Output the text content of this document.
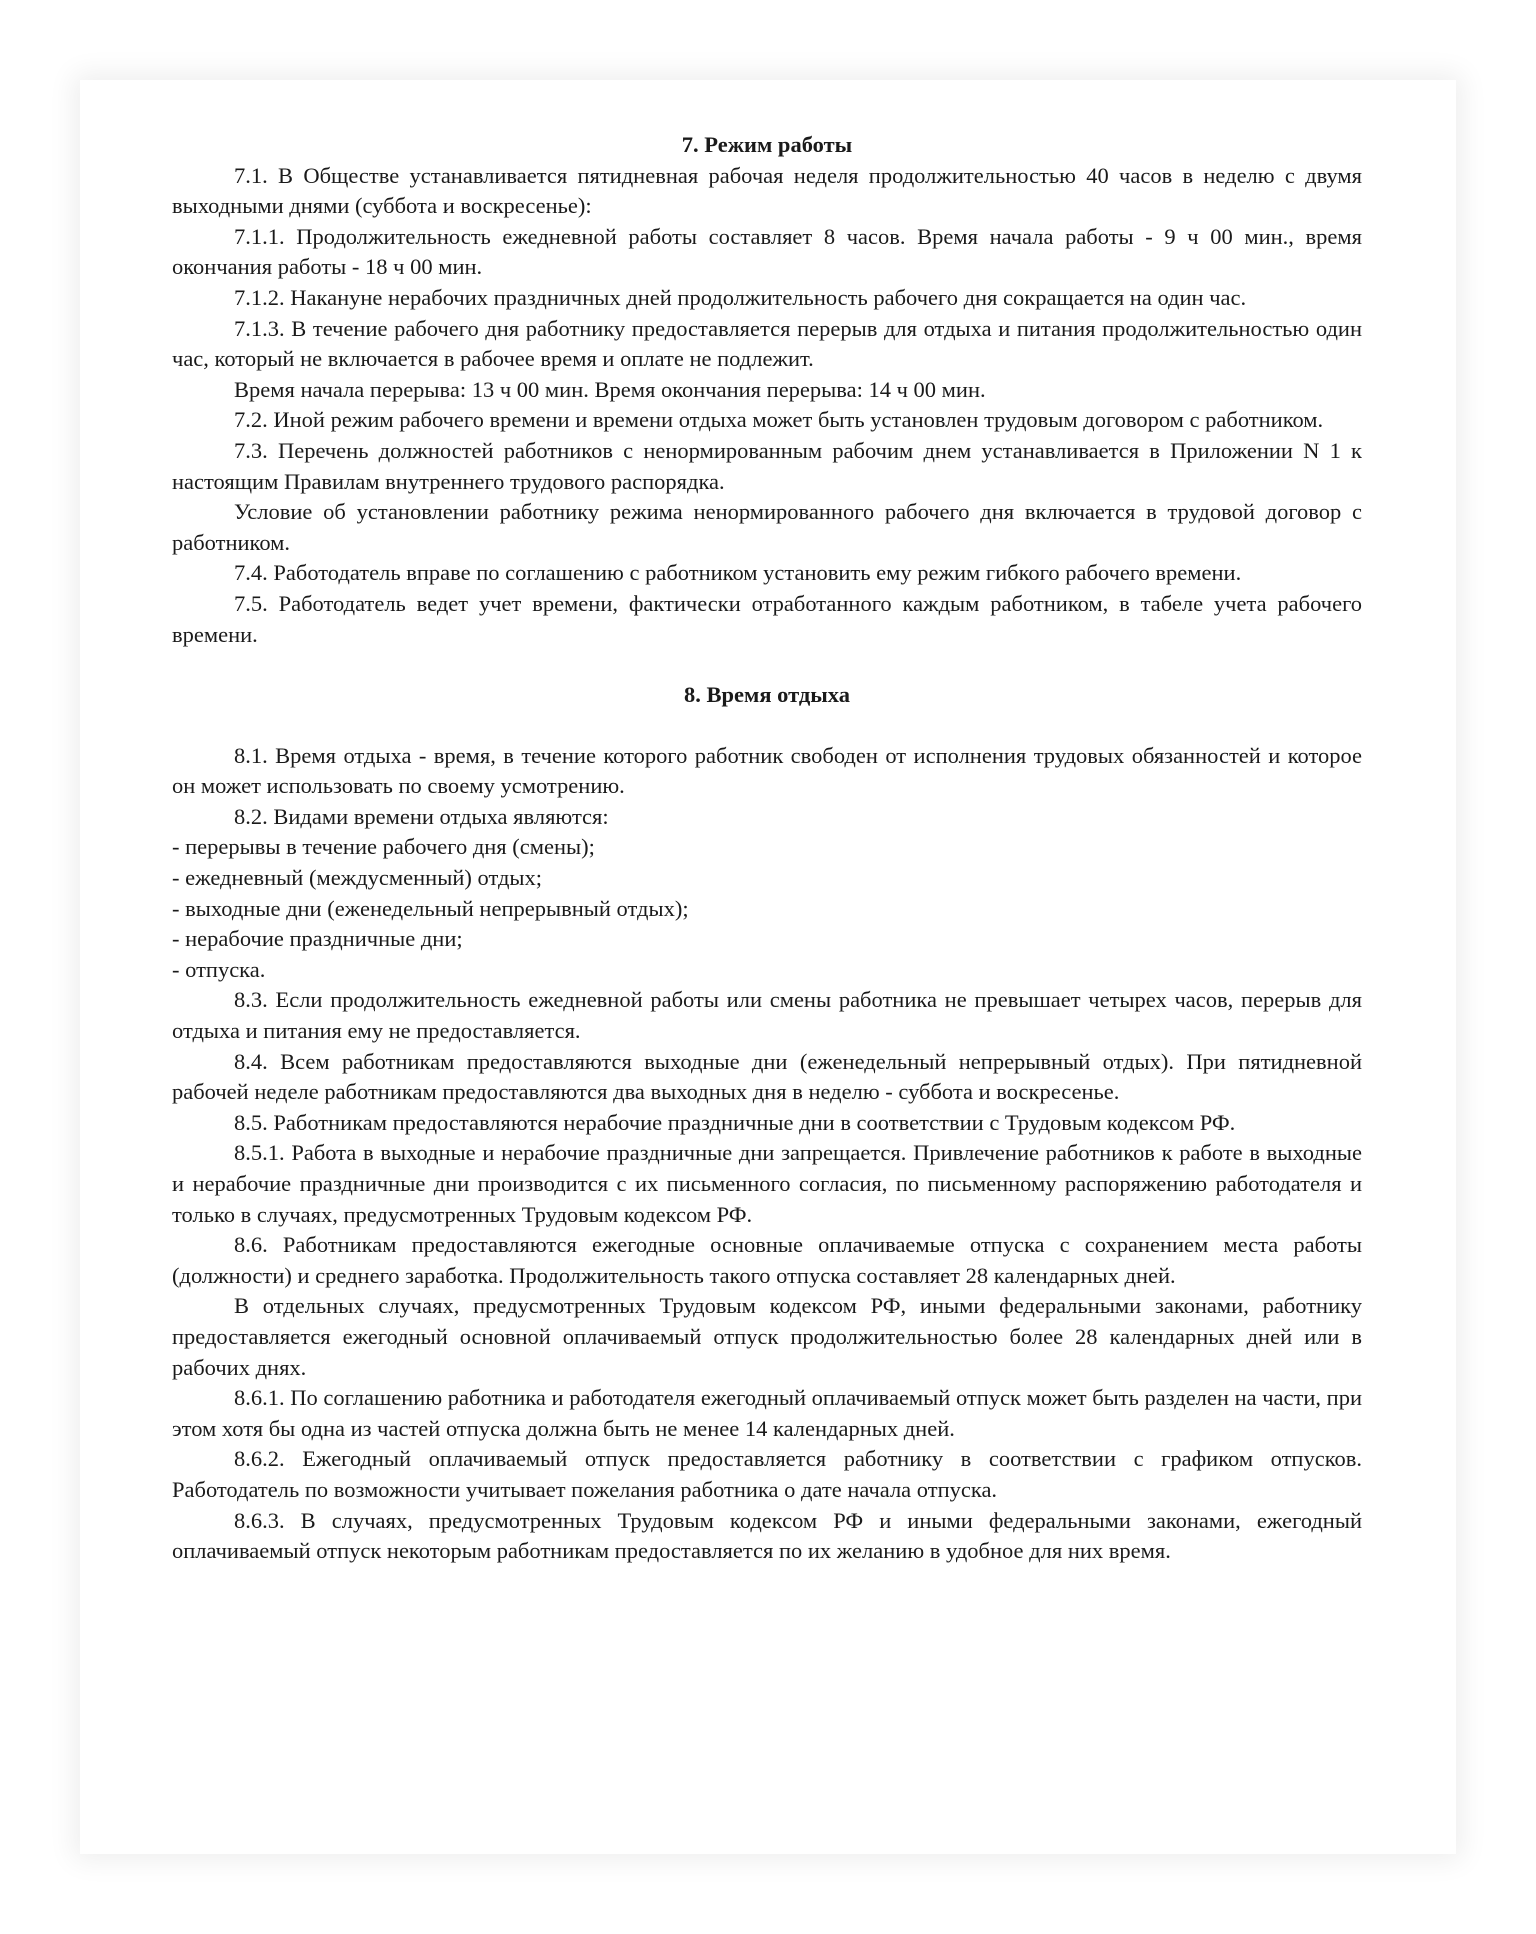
7. Режим работы

7.1. В Обществе устанавливается пятидневная рабочая неделя продолжительностью 40 часов в неделю с двумя выходными днями (суббота и воскресенье):

7.1.1. Продолжительность ежедневной работы составляет 8 часов. Время начала работы - 9 ч 00 мин., время окончания работы - 18 ч 00 мин.

7.1.2. Накануне нерабочих праздничных дней продолжительность рабочего дня сокращается на один час.

7.1.3. В течение рабочего дня работнику предоставляется перерыв для отдыха и питания продолжительностью один час, который не включается в рабочее время и оплате не подлежит.

Время начала перерыва: 13 ч 00 мин. Время окончания перерыва: 14 ч 00 мин.

7.2. Иной режим рабочего времени и времени отдыха может быть установлен трудовым договором с работником.

7.3. Перечень должностей работников с ненормированным рабочим днем устанавливается в Приложении N 1 к настоящим Правилам внутреннего трудового распорядка.

Условие об установлении работнику режима ненормированного рабочего дня включается в трудовой договор с работником.

7.4. Работодатель вправе по соглашению с работником установить ему режим гибкого рабочего времени.

7.5. Работодатель ведет учет времени, фактически отработанного каждым работником, в табеле учета рабочего времени.

8. Время отдыха

8.1. Время отдыха - время, в течение которого работник свободен от исполнения трудовых обязанностей и которое он может использовать по своему усмотрению.

8.2. Видами времени отдыха являются:

- перерывы в течение рабочего дня (смены);

- ежедневный (междусменный) отдых;

- выходные дни (еженедельный непрерывный отдых);

- нерабочие праздничные дни;

- отпуска.

8.3. Если продолжительность ежедневной работы или смены работника не превышает четырех часов, перерыв для отдыха и питания ему не предоставляется.

8.4. Всем работникам предоставляются выходные дни (еженедельный непрерывный отдых). При пятидневной рабочей неделе работникам предоставляются два выходных дня в неделю - суббота и воскресенье.

8.5. Работникам предоставляются нерабочие праздничные дни в соответствии с Трудовым кодексом РФ.

8.5.1. Работа в выходные и нерабочие праздничные дни запрещается. Привлечение работников к работе в выходные и нерабочие праздничные дни производится с их письменного согласия, по письменному распоряжению работодателя и только в случаях, предусмотренных Трудовым кодексом РФ.

8.6. Работникам предоставляются ежегодные основные оплачиваемые отпуска с сохранением места работы (должности) и среднего заработка. Продолжительность такого отпуска составляет 28 календарных дней.

В отдельных случаях, предусмотренных Трудовым кодексом РФ, иными федеральными законами, работнику предоставляется ежегодный основной оплачиваемый отпуск продолжительностью более 28 календарных дней или в рабочих днях.

8.6.1. По соглашению работника и работодателя ежегодный оплачиваемый отпуск может быть разделен на части, при этом хотя бы одна из частей отпуска должна быть не менее 14 календарных дней.

8.6.2. Ежегодный оплачиваемый отпуск предоставляется работнику в соответствии с графиком отпусков. Работодатель по возможности учитывает пожелания работника о дате начала отпуска.

8.6.3. В случаях, предусмотренных Трудовым кодексом РФ и иными федеральными законами, ежегодный оплачиваемый отпуск некоторым работникам предоставляется по их желанию в удобное для них время.
